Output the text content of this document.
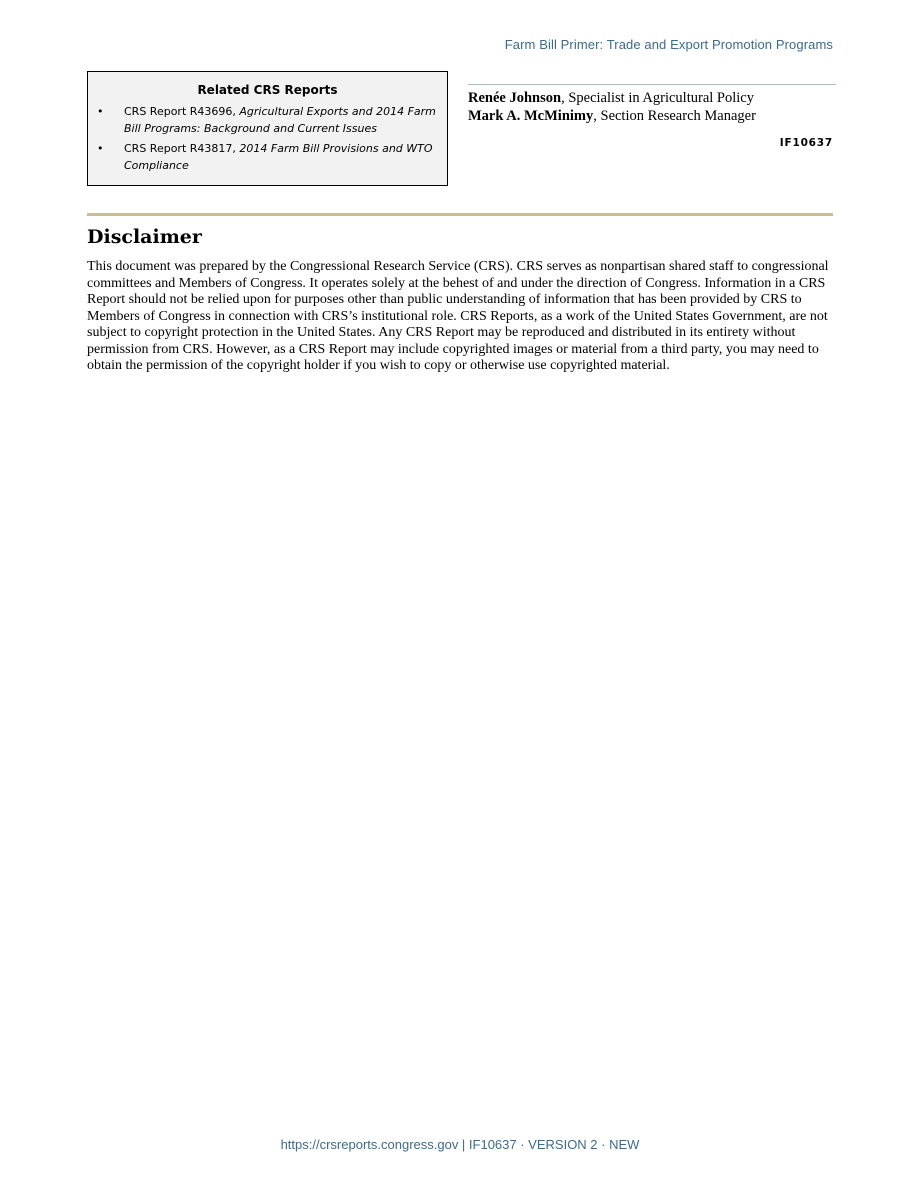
Farm Bill Primer: Trade and Export Promotion Programs
Related CRS Reports
• CRS Report R43696, Agricultural Exports and 2014 Farm Bill Programs: Background and Current Issues
• CRS Report R43817, 2014 Farm Bill Provisions and WTO Compliance
Renée Johnson, Specialist in Agricultural Policy
Mark A. McMinimy, Section Research Manager
IF10637
Disclaimer

This document was prepared by the Congressional Research Service (CRS). CRS serves as nonpartisan shared staff to congressional committees and Members of Congress. It operates solely at the behest of and under the direction of Congress. Information in a CRS Report should not be relied upon for purposes other than public understanding of information that has been provided by CRS to Members of Congress in connection with CRS’s institutional role. CRS Reports, as a work of the United States Government, are not subject to copyright protection in the United States. Any CRS Report may be reproduced and distributed in its entirety without permission from CRS. However, as a CRS Report may include copyrighted images or material from a third party, you may need to obtain the permission of the copyright holder if you wish to copy or otherwise use copyrighted material.

https://crsreports.congress.gov | IF10637 · VERSION 2 · NEW
